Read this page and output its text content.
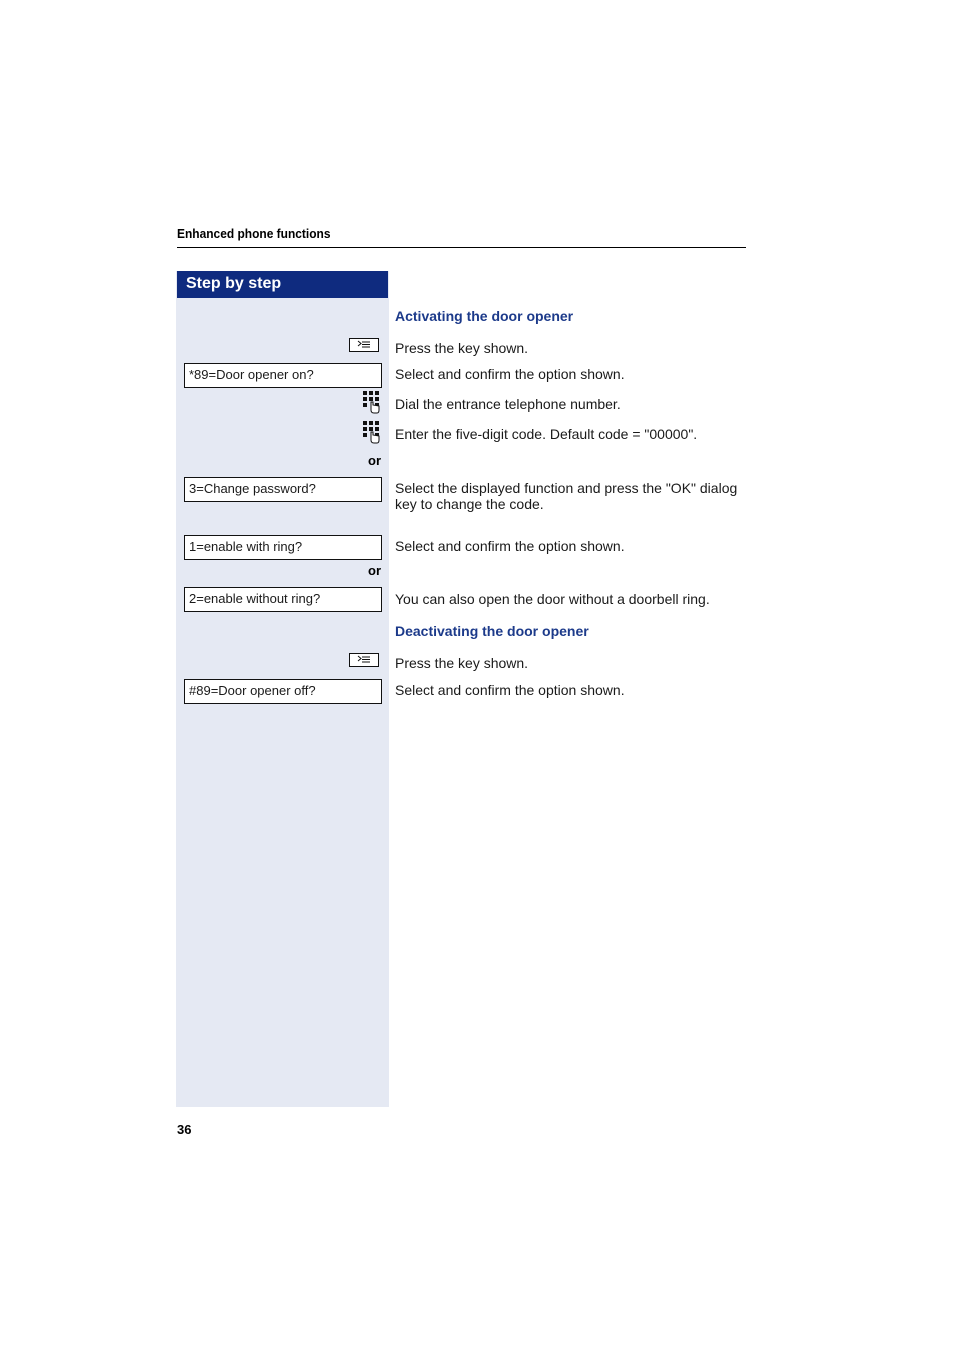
Enhanced phone functions
Step by step
Activating the door opener
Press the key shown.
*89=Door opener on?	Select and confirm the option shown.
Dial the entrance telephone number.
Enter the five-digit code. Default code = "00000".
or
3=Change password?	Select the displayed function and press the "OK" dialog key to change the code.
1=enable with ring?	Select and confirm the option shown.
or
2=enable without ring?	You can also open the door without a doorbell ring.
Deactivating the door opener
Press the key shown.
#89=Door opener off?	Select and confirm the option shown.
36
